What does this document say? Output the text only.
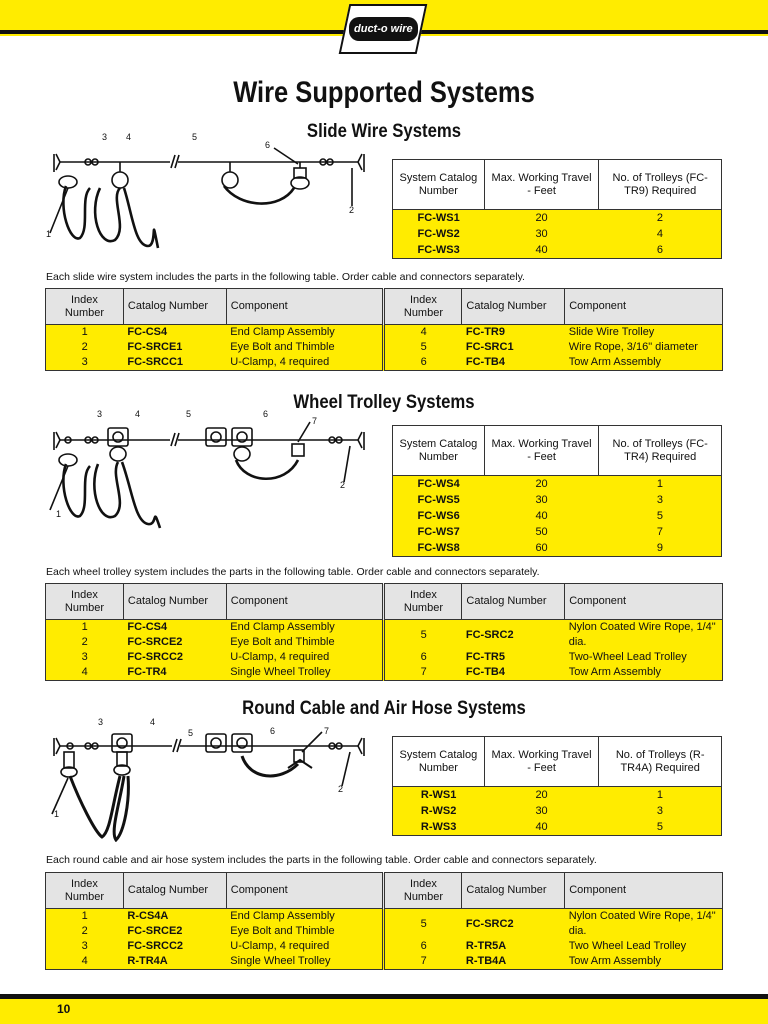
duct-o wire
Wire Supported Systems
Slide Wire Systems
1
2
3 4	5
6
System Catalog Number	Max. Working Travel - Feet	No. of Trolleys (FC-TR9) Required
FC-WS1	20	2
FC-WS2	30	4
FC-WS3	40	6
Each slide wire system includes the parts in the following table. Order cable and connectors separately.
Index Number	Catalog Number	Component	Index Number	Catalog Number	Component
1	FC-CS4	End Clamp Assembly	4	FC-TR9	Slide Wire Trolley
2	FC-SRCE1	Eye Bolt and Thimble	5	FC-SRC1	Wire Rope, 3/16" diameter
3	FC-SRCC1	U-Clamp, 4 required	6	FC-TB4	Tow Arm Assembly
Wheel Trolley Systems
1
2
3	4	5	6
7
System Catalog Number	Max. Working Travel - Feet	No. of Trolleys (FC-TR4) Required
FC-WS4	20	1
FC-WS5	30	3
FC-WS6	40	5
FC-WS7	50	7
FC-WS8	60	9
Each wheel trolley system includes the parts in the following table. Order cable and connectors separately.
Index Number	Catalog Number	Component	Index Number	Catalog Number	Component
1	FC-CS4	End Clamp Assembly	5	FC-SRC2	Nylon Coated Wire Rope, 1/4" dia.
2	FC-SRCE2	Eye Bolt and Thimble			
3	FC-SRCC2	U-Clamp, 4 required	6	FC-TR5	Two-Wheel Lead Trolley
4	FC-TR4	Single Wheel Trolley	7	FC-TB4	Tow Arm Assembly
Round Cable and Air Hose Systems
1
2
3	4
5	6	7
System Catalog Number	Max. Working Travel - Feet	No. of Trolleys (R-TR4A) Required
R-WS1	20	1
R-WS2	30	3
R-WS3	40	5
Each round cable and air hose system includes the parts in the following table. Order cable and connectors separately.
Index Number	Catalog Number	Component	Index Number	Catalog Number	Component
1	R-CS4A	End Clamp Assembly	5	FC-SRC2	Nylon Coated Wire Rope, 1/4" dia.
2	FC-SRCE2	Eye Bolt and Thimble			
3	FC-SRCC2	U-Clamp, 4 required	6	R-TR5A	Two Wheel Lead Trolley
4	R-TR4A	Single Wheel Trolley	7	R-TB4A	Tow Arm Assembly
10
